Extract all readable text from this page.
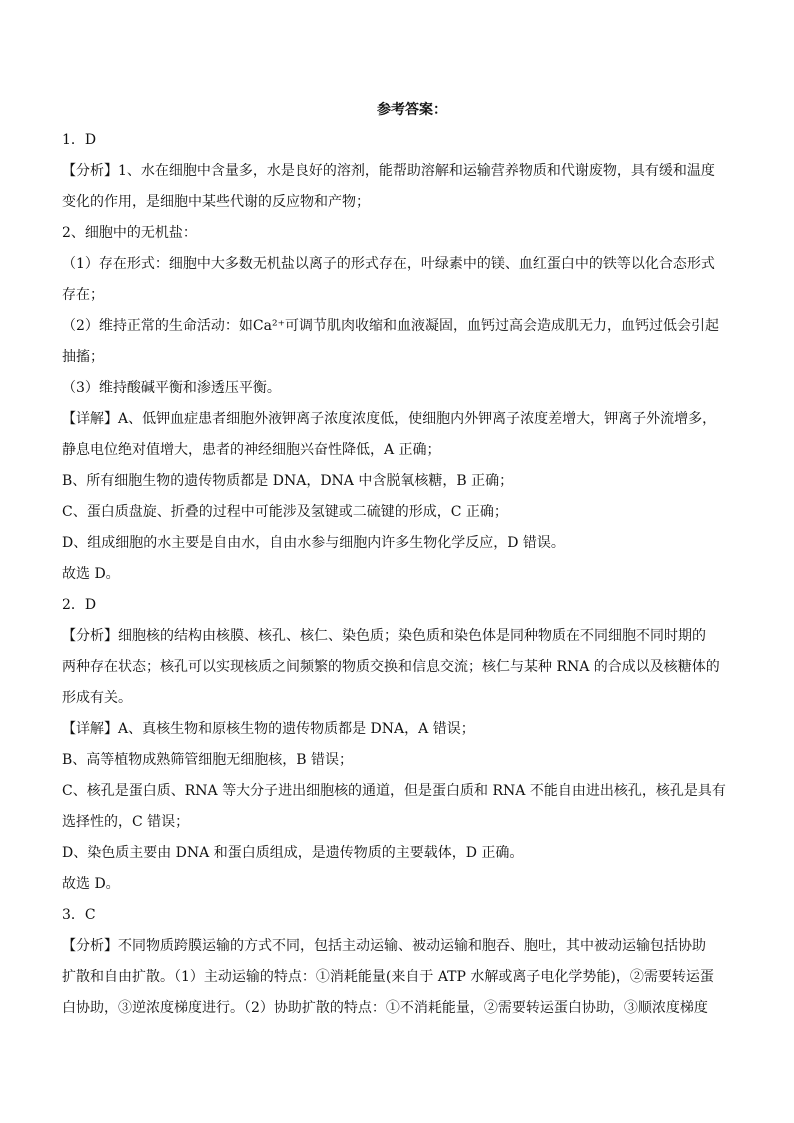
参考答案：

1．D

【分析】1、水在细胞中含量多，水是良好的溶剂，能帮助溶解和运输营养物质和代谢废物，具有缓和温度

变化的作用，是细胞中某些代谢的反应物和产物；

2、细胞中的无机盐：

（1）存在形式：细胞中大多数无机盐以离子的形式存在，叶绿素中的镁、血红蛋白中的铁等以化合态形式

存在；

（2）维持正常的生命活动：如Ca²⁺可调节肌肉收缩和血液凝固，血钙过高会造成肌无力，血钙过低会引起

抽搐；

（3）维持酸碱平衡和渗透压平衡。

【详解】A、低钾血症患者细胞外液钾离子浓度浓度低，使细胞内外钾离子浓度差增大，钾离子外流增多，

静息电位绝对值增大，患者的神经细胞兴奋性降低，A 正确；

B、所有细胞生物的遗传物质都是 DNA，DNA 中含脱氧核糖，B 正确；

C、蛋白质盘旋、折叠的过程中可能涉及氢键或二硫键的形成，C 正确；

D、组成细胞的水主要是自由水，自由水参与细胞内许多生物化学反应，D 错误。

故选 D。

2．D

【分析】细胞核的结构由核膜、核孔、核仁、染色质；染色质和染色体是同种物质在不同细胞不同时期的

两种存在状态；核孔可以实现核质之间频繁的物质交换和信息交流；核仁与某种 RNA 的合成以及核糖体的

形成有关。

【详解】A、真核生物和原核生物的遗传物质都是 DNA，A 错误；

B、高等植物成熟筛管细胞无细胞核，B 错误；

C、核孔是蛋白质、RNA 等大分子进出细胞核的通道，但是蛋白质和 RNA 不能自由进出核孔，核孔是具有

选择性的，C 错误；

D、染色质主要由 DNA 和蛋白质组成，是遗传物质的主要载体，D 正确。

故选 D。

3．C

【分析】不同物质跨膜运输的方式不同，包括主动运输、被动运输和胞吞、胞吐，其中被动运输包括协助

扩散和自由扩散。（1）主动运输的特点：①消耗能量(来自于 ATP 水解或离子电化学势能)，②需要转运蛋

白协助，③逆浓度梯度进行。（2）协助扩散的特点：①不消耗能量，②需要转运蛋白协助，③顺浓度梯度
